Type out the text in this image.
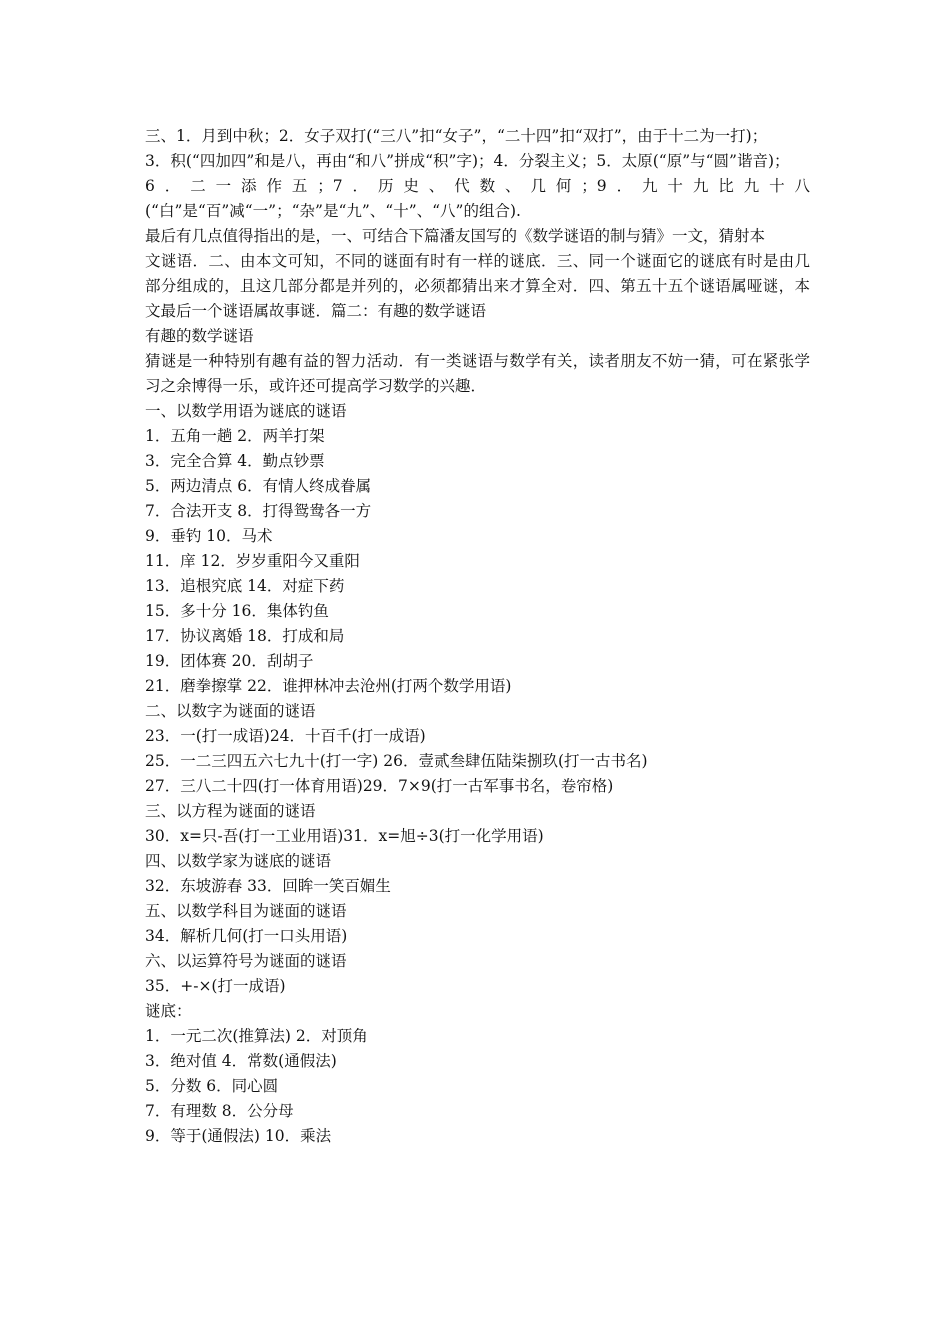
三、1．月到中秋；2．女子双打(“三八”扣“女子”，“二十四”扣“双打”，由于十二为一打)；

3．积(“四加四”和是八，再由“和八”拼成“积”字)；4．分裂主义；5．太原(“原”与“圆”谐音)；

6．二一添作五；7．历史、代数、几何；9．九十九比九十八(“白”是“百”减“一”；“杂”是“九”、“十”、“八”的组合).

最后有几点值得指出的是，一、可结合下篇潘友国写的《数学谜语的制与猜》一文，猜射本

文谜语．二、由本文可知，不同的谜面有时有一样的谜底．三、同一个谜面它的谜底有时是由几部分组成的，且这几部分都是并列的，必须都猜出来才算全对．四、第五十五个谜语属哑谜，本文最后一个谜语属故事谜．篇二：有趣的数学谜语

有趣的数学谜语

猜谜是一种特别有趣有益的智力活动．有一类谜语与数学有关，读者朋友不妨一猜，可在紧张学习之余博得一乐，或许还可提高学习数学的兴趣．

一、以数学用语为谜底的谜语

1．五角一趟 2．两羊打架

3．完全合算 4．勤点钞票

5．两边清点 6．有情人终成眷属

7．合法开支 8．打得鸳鸯各一方

9．垂钓 10．马术

11．庠 12．岁岁重阳今又重阳

13．追根究底 14．对症下药

15．多十分 16．集体钓鱼

17．协议离婚 18．打成和局

19．团体赛 20．刮胡子

21．磨拳擦掌 22．谁押林冲去沧州(打两个数学用语)

二、以数字为谜面的谜语

23．一(打一成语)24．十百千(打一成语)

25．一二三四五六七九十(打一字) 26．壹贰叁肆伍陆柒捌玖(打一古书名)

27．三八二十四(打一体育用语)29．7×9(打一古军事书名，卷帘格)

三、以方程为谜面的谜语

30．x=只-吾(打一工业用语)31．x=旭÷3(打一化学用语)

四、以数学家为谜底的谜语

32．东坡游春 33．回眸一笑百媚生

五、以数学科目为谜面的谜语

34．解析几何(打一口头用语)

六、以运算符号为谜面的谜语

35．+-×(打一成语)

谜底：

1．一元二次(推算法) 2．对顶角

3．绝对值 4．常数(通假法)

5．分数 6．同心圆

7．有理数 8．公分母

9．等于(通假法) 10．乘法
